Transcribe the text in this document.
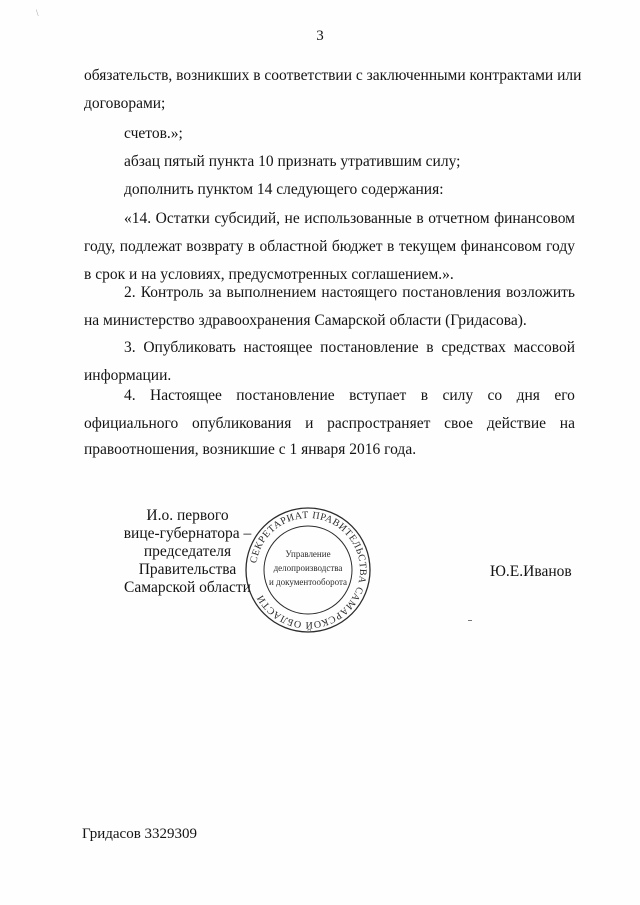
\
3
обязательств, возникших в соответствии с заключенными контрактами или
договорами;
счетов.»;
абзац пятый пункта 10 признать утратившим силу;
дополнить пунктом 14 следующего содержания:
«14. Остатки субсидий, не использованные в отчетном финансовом
году, подлежат возврату в областной бюджет в текущем финансовом году
в срок и на условиях, предусмотренных соглашением.».
2. Контроль за выполнением настоящего постановления возложить
на министерство здравоохранения Самарской области (Гридасова).
3. Опубликовать настоящее постановление в средствах массовой
информации.
4. Настоящее постановление вступает в силу со дня его
официального опубликования и распространяет свое действие на
правоотношения, возникшие с 1 января 2016 года.
СЕКРЕТАРИАТ ПРАВИТЕЛЬСТВА САМАРСКОЙ ОБЛАСТИ
Управление
делопроизводства
и документооборота
И.о. первого
вице-губернатора –
председателя Правительства
Самарской области
Ю.Е.Иванов
Гридасов 3329309
